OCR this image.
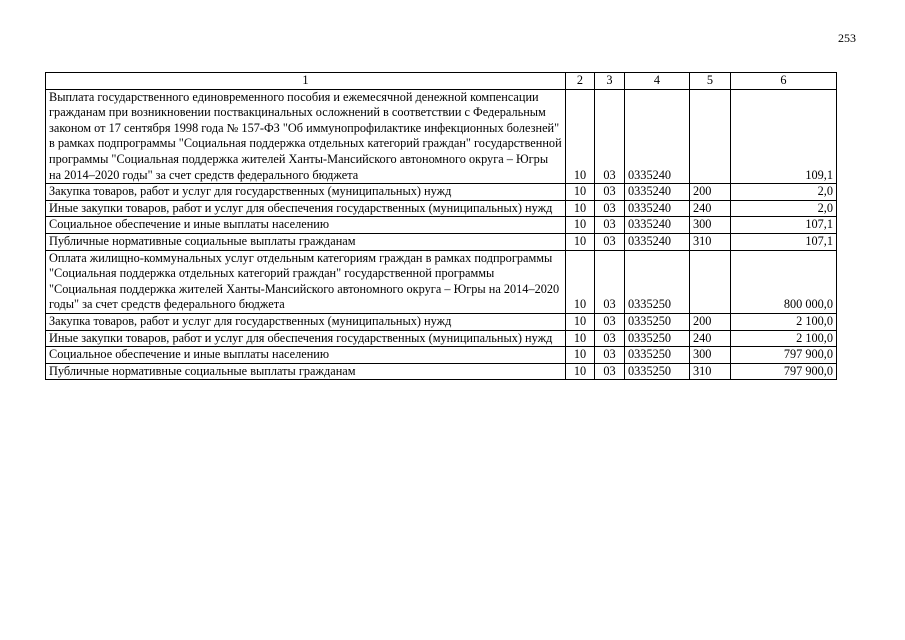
253
1	2	3	4	5	6
Выплата государственного единовременного пособия и ежемесячной денежной компенсации гражданам при возникновении поствакцинальных осложнений в соответствии с Федеральным законом от 17 сентября 1998 года № 157-ФЗ "Об иммунопрофилактике инфекционных болезней" в рамках подпрограммы "Социальная поддержка отдельных категорий граждан" государственной программы "Социальная поддержка жителей Ханты-Мансийского автономного округа – Югры на 2014–2020 годы" за счет средств федерального бюджета	10	03	0335240		109,1
Закупка товаров, работ и услуг для государственных (муниципальных) нужд	10	03	0335240	200	2,0
Иные закупки товаров, работ и услуг для обеспечения государственных (муниципальных) нужд	10	03	0335240	240	2,0
Социальное обеспечение и иные выплаты населению	10	03	0335240	300	107,1
Публичные нормативные социальные выплаты гражданам	10	03	0335240	310	107,1
Оплата жилищно-коммунальных услуг отдельным категориям граждан в рамках подпрограммы "Социальная поддержка отдельных категорий граждан" государственной программы "Социальная поддержка жителей Ханты-Мансийского автономного округа – Югры на 2014–2020 годы" за счет средств федерального бюджета	10	03	0335250		800 000,0
Закупка товаров, работ и услуг для государственных (муниципальных) нужд	10	03	0335250	200	2 100,0
Иные закупки товаров, работ и услуг для обеспечения государственных (муниципальных) нужд	10	03	0335250	240	2 100,0
Социальное обеспечение и иные выплаты населению	10	03	0335250	300	797 900,0
Публичные нормативные социальные выплаты гражданам	10	03	0335250	310	797 900,0
